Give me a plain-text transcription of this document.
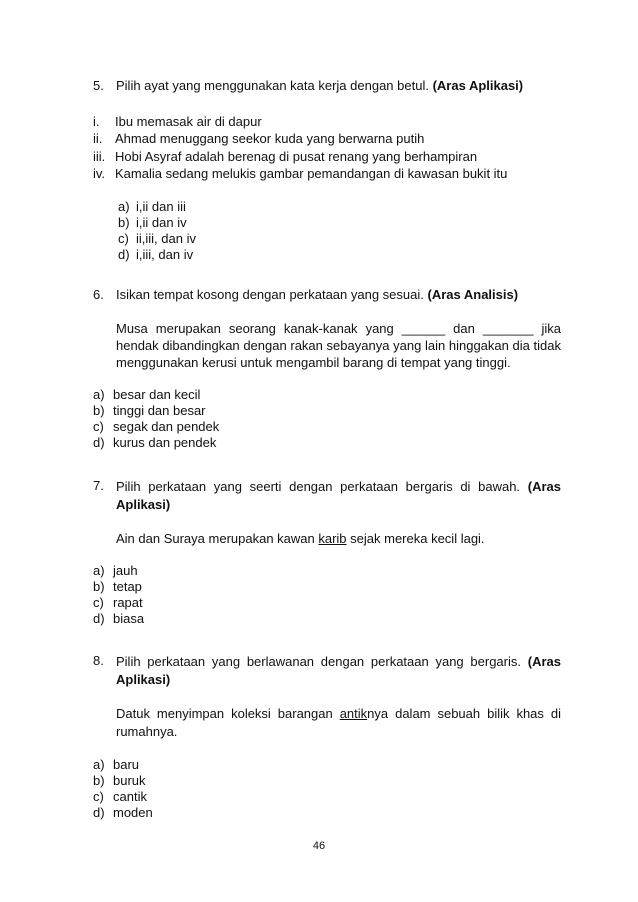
5. Pilih ayat yang menggunakan kata kerja dengan betul. (Aras Aplikasi)
i.	Ibu memasak air di dapur
ii. Ahmad menuggang seekor kuda yang berwarna putih
iii. Hobi Asyraf adalah berenag di pusat renang yang berhampiran
iv. Kamalia sedang melukis gambar pemandangan di kawasan bukit itu
a) i,ii dan iii
b) i,ii dan iv
c) ii,iii, dan iv
d) i,iii, dan iv
6. Isikan tempat kosong dengan perkataan yang sesuai. (Aras Analisis)
Musa merupakan seorang kanak-kanak yang ______ dan _______ jika hendak dibandingkan dengan rakan sebayanya yang lain hinggakan dia tidak menggunakan kerusi untuk mengambil barang di tempat yang tinggi.
a) besar dan kecil
b) tinggi dan besar
c) segak dan pendek
d) kurus dan pendek
7. Pilih perkataan yang seerti dengan perkataan bergaris di bawah. (Aras Aplikasi)
Ain dan Suraya merupakan kawan karib sejak mereka kecil lagi.
a) jauh
b) tetap
c) rapat
d) biasa
8. Pilih perkataan yang berlawanan dengan perkataan yang bergaris. (Aras Aplikasi)
Datuk menyimpan koleksi barangan antiknya dalam sebuah bilik khas di rumahnya.
a) baru
b) buruk
c) cantik
d) moden
46
